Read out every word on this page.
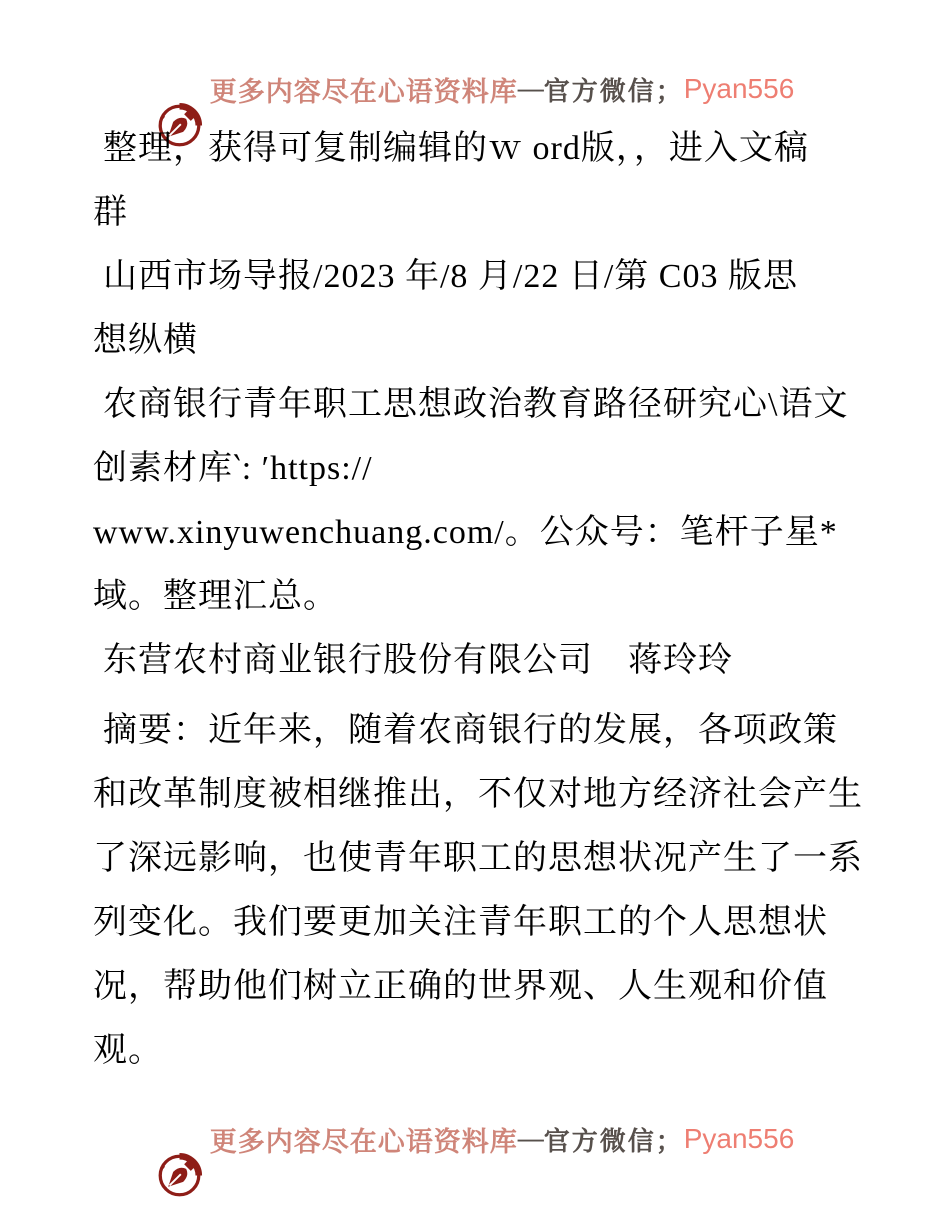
更多内容尽在心语资料库 — 官方微信； Pyan556
整理，获得可复制编辑的ｗ ord版，，进入文稿
群
山西市场导报/2023 年/8 月/22 日/第 C03 版思
想纵横
农商银行青年职工思想政治教育路径研究心\语文
创素材库‵: ′https://
www.xinyuwenchuang.com/。公众号：笔杆子星*
域。整理汇总。
东营农村商业银行股份有限公司　蒋玲玲
摘要：近年来，随着农商银行的发展，各项政策
和改革制度被相继推出，不仅对地方经济社会产生
了深远影响，也使青年职工的思想状况产生了一系
列变化。我们要更加关注青年职工的个人思想状
况，帮助他们树立正确的世界观、人生观和价值
观。

更多内容尽在心语资料库 — 官方微信； Pyan556
